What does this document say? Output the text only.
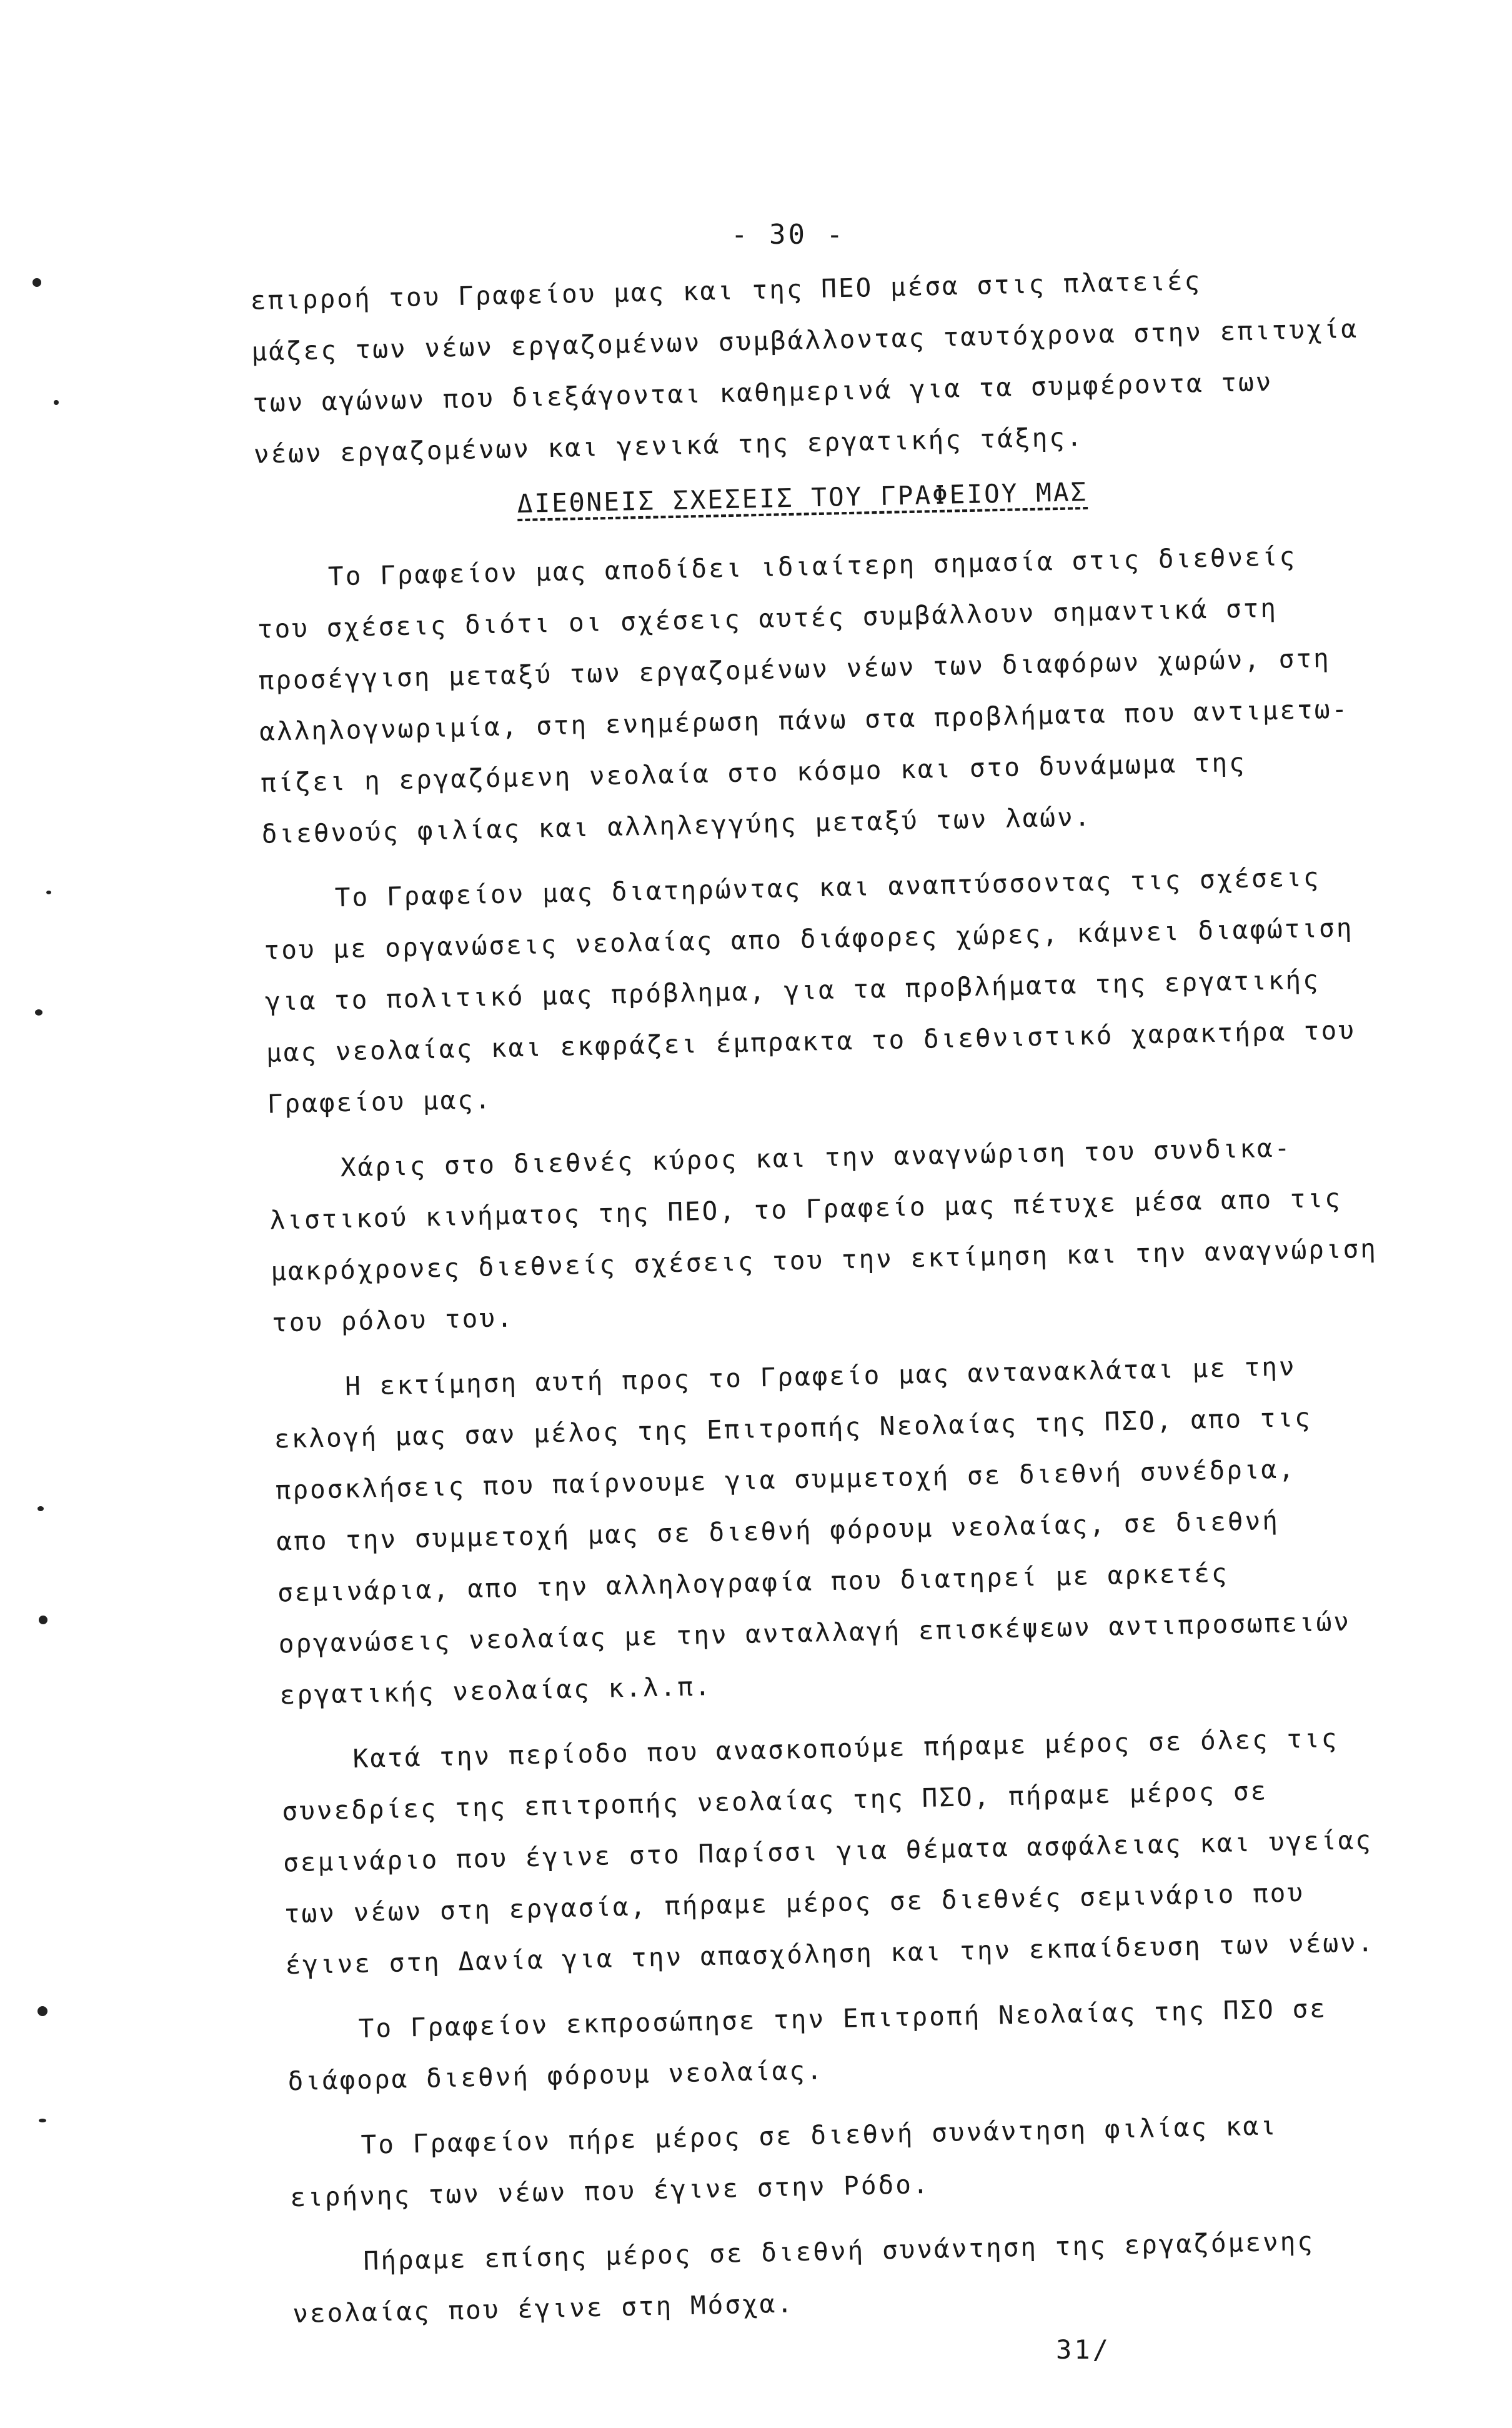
- 30 -
επιρροή του Γραφείου μας και της ΠΕΟ μέσα στις πλατειές
μάζες των νέων εργαζομένων συμβάλλοντας ταυτόχρονα στην επιτυχία
των αγώνων που διεξάγονται καθημερινά για τα συμφέροντα των
νέων εργαζομένων και γενικά της εργατικής τάξης.
ΔΙΕΘΝΕΙΣ ΣΧΕΣΕΙΣ ΤΟΥ ΓΡΑΦΕΙΟΥ ΜΑΣ
Το Γραφείον μας αποδίδει ιδιαίτερη σημασία στις διεθνείς
του σχέσεις διότι οι σχέσεις αυτές συμβάλλουν σημαντικά στη
προσέγγιση μεταξύ των εργαζομένων νέων των διαφόρων χωρών, στη
αλληλογνωριμία, στη ενημέρωση πάνω στα προβλήματα που αντιμετω-
πίζει η εργαζόμενη νεολαία στο κόσμο και στο δυνάμωμα της
διεθνούς φιλίας και αλληλεγγύης μεταξύ των λαών.
Το Γραφείον μας διατηρώντας και αναπτύσσοντας τις σχέσεις
του με οργανώσεις νεολαίας απο διάφορες χώρες, κάμνει διαφώτιση
για το πολιτικό μας πρόβλημα, για τα προβλήματα της εργατικής
μας νεολαίας και εκφράζει έμπρακτα το διεθνιστικό χαρακτήρα του
Γραφείου μας.
Χάρις στο διεθνές κύρος και την αναγνώριση του συνδικα-
λιστικού κινήματος της ΠΕΟ, το Γραφείο μας πέτυχε μέσα απο τις
μακρόχρονες διεθνείς σχέσεις του την εκτίμηση και την αναγνώριση
του ρόλου του.
Η εκτίμηση αυτή προς το Γραφείο μας αντανακλάται με την
εκλογή μας σαν μέλος της Επιτροπής Νεολαίας της ΠΣΟ, απο τις
προσκλήσεις που παίρνουμε για συμμετοχή σε διεθνή συνέδρια,
απο την συμμετοχή μας σε διεθνή φόρουμ νεολαίας, σε διεθνή
σεμινάρια, απο την αλληλογραφία που διατηρεί με αρκετές
οργανώσεις νεολαίας με την ανταλλαγή επισκέψεων αντιπροσωπειών
εργατικής νεολαίας κ.λ.π.
Κατά την περίοδο που ανασκοπούμε πήραμε μέρος σε όλες τις
συνεδρίες της επιτροπής νεολαίας της ΠΣΟ, πήραμε μέρος σε
σεμινάριο που έγινε στο Παρίσσι για θέματα ασφάλειας και υγείας
των νέων στη εργασία, πήραμε μέρος σε διεθνές σεμινάριο που
έγινε στη Δανία για την απασχόληση και την εκπαίδευση των νέων.
Το Γραφείον εκπροσώπησε την Επιτροπή Νεολαίας της ΠΣΟ σε
διάφορα διεθνή φόρουμ νεολαίας.
Το Γραφείον πήρε μέρος σε διεθνή συνάντηση φιλίας και
ειρήνης των νέων που έγινε στην Ρόδο.
Πήραμε επίσης μέρος σε διεθνή συνάντηση της εργαζόμενης
νεολαίας που έγινε στη Μόσχα.
31/
